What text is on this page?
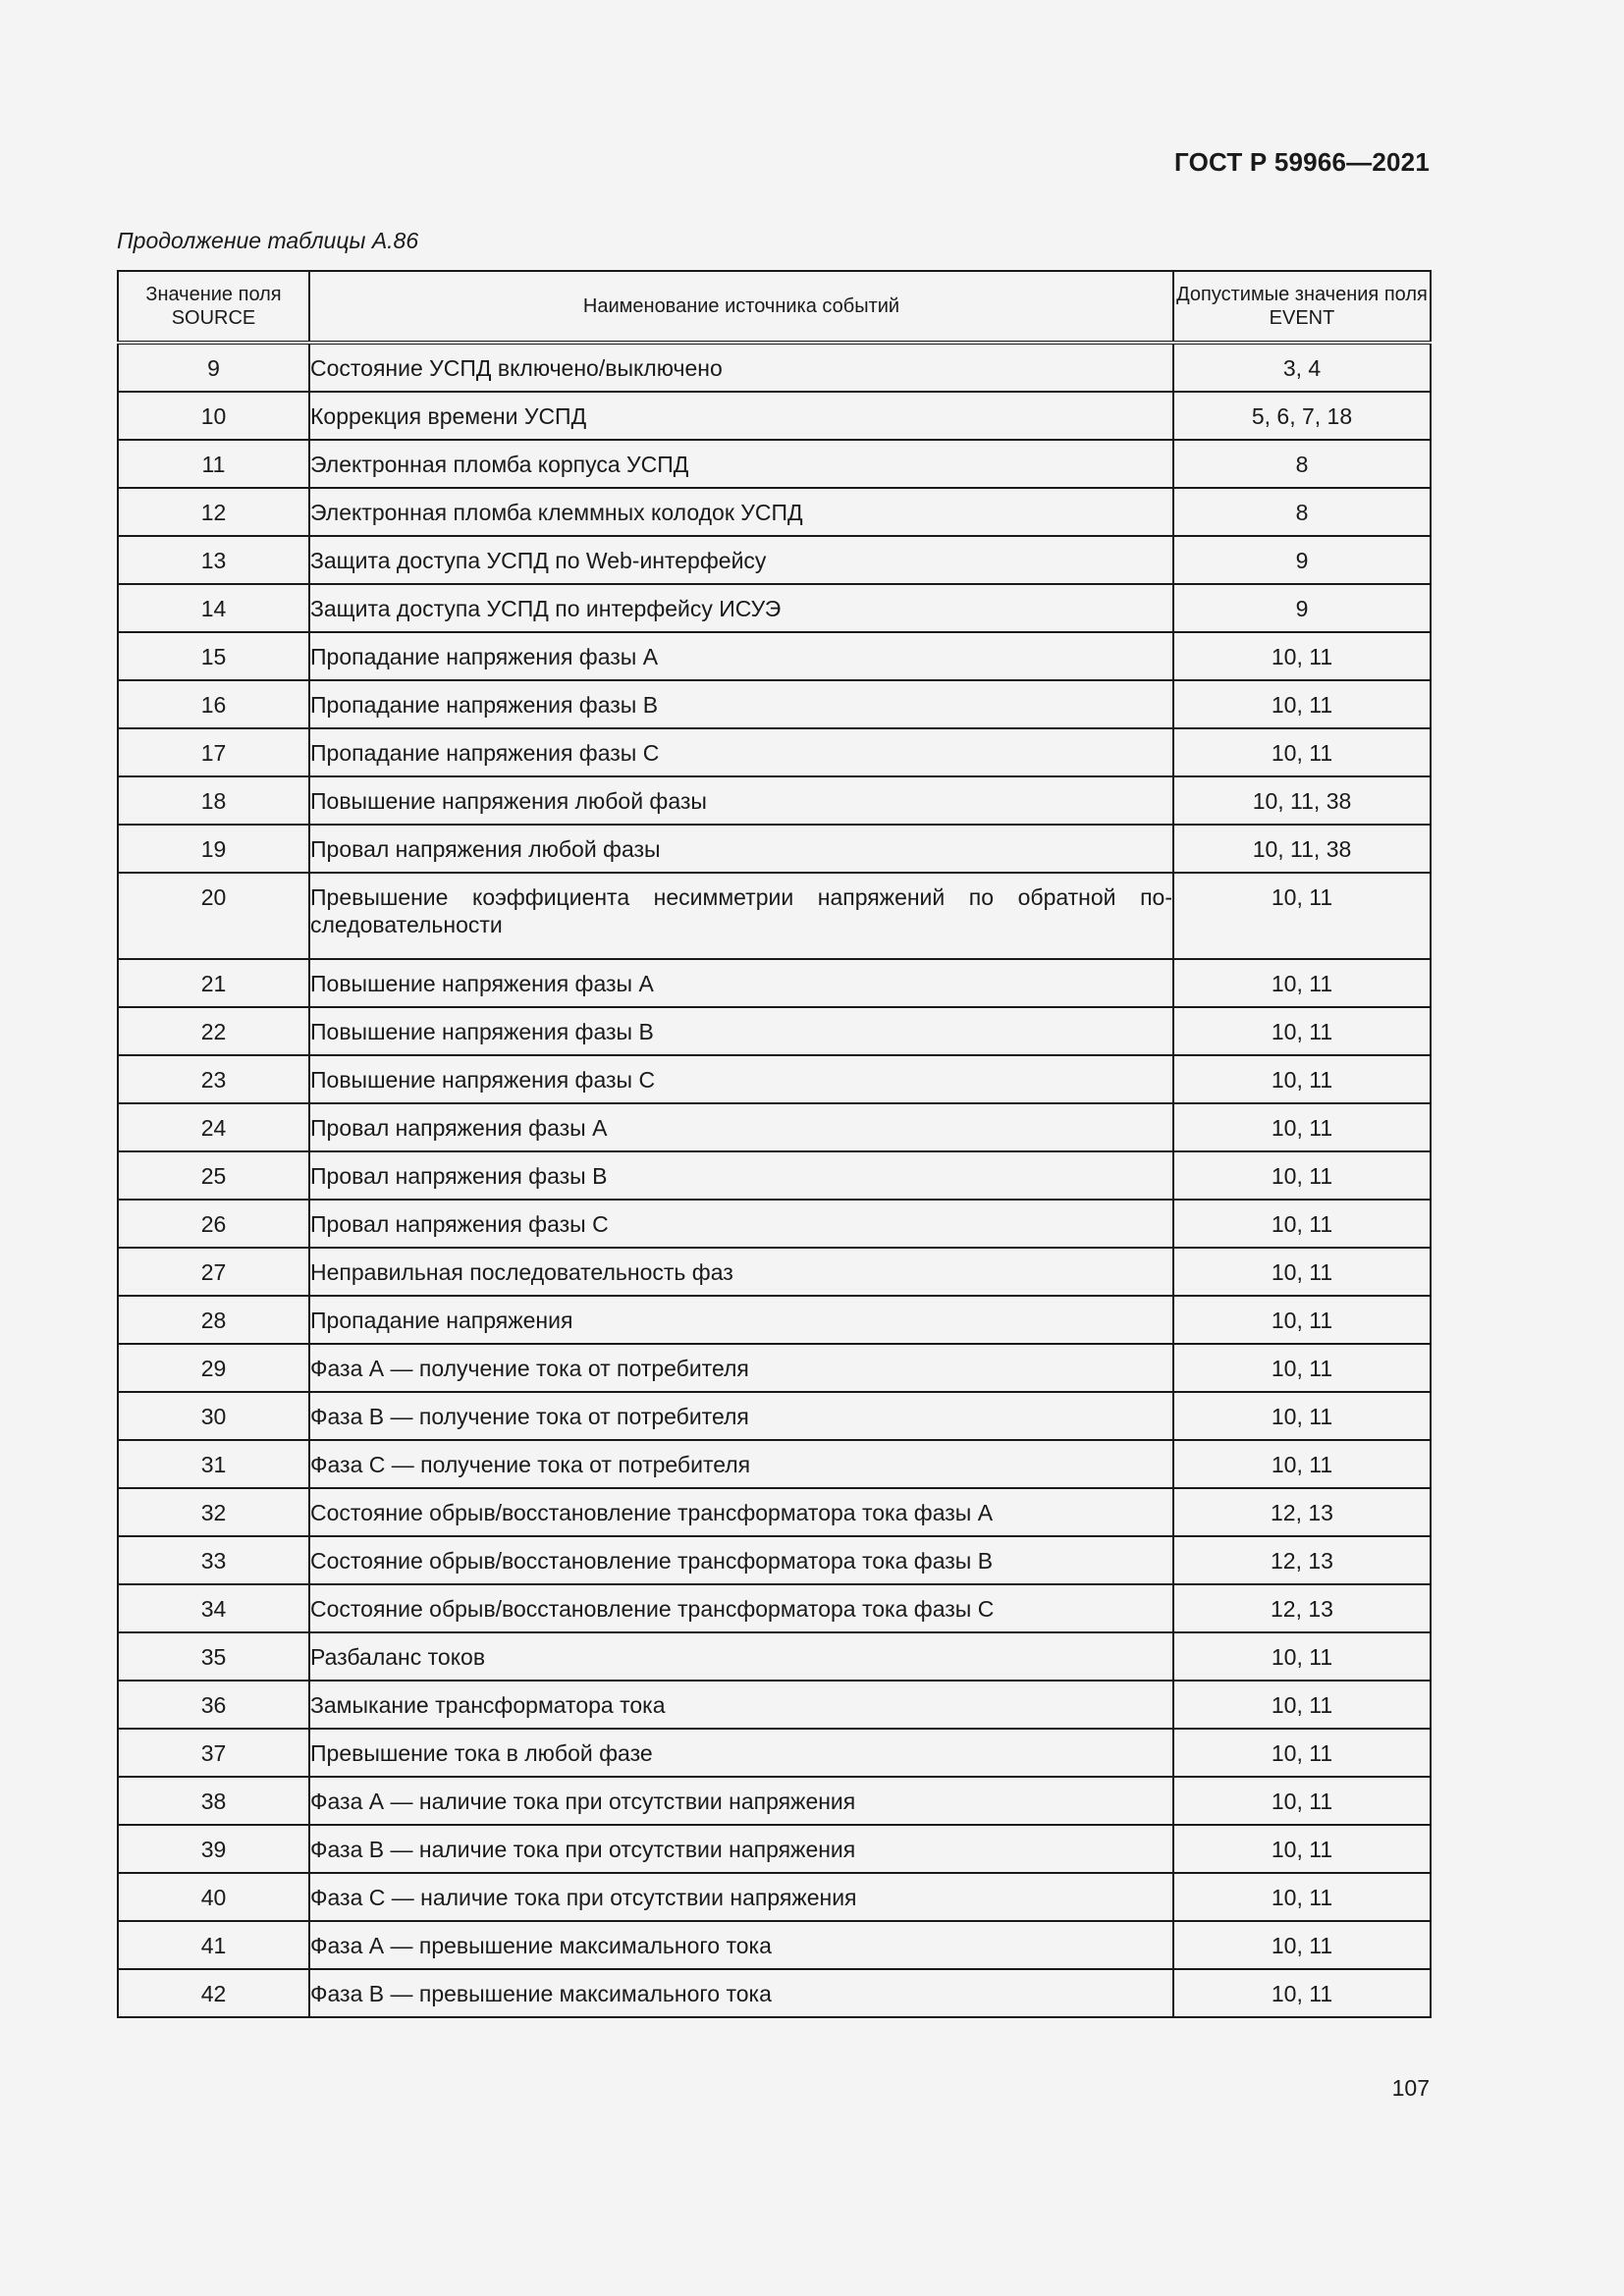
ГОСТ Р 59966—2021
Продолжение таблицы А.86
Значение поля SOURCE	Наименование источника событий	Допустимые значения поля EVENT
9	Состояние УСПД включено/выключено	3, 4
10	Коррекция времени УСПД	5, 6, 7, 18
11	Электронная пломба корпуса УСПД	8
12	Электронная пломба клеммных колодок УСПД	8
13	Защита доступа УСПД по Web-интерфейсу	9
14	Защита доступа УСПД по интерфейсу ИСУЭ	9
15	Пропадание напряжения фазы А	10, 11
16	Пропадание напряжения фазы В	10, 11
17	Пропадание напряжения фазы С	10, 11
18	Повышение напряжения любой фазы	10, 11, 38
19	Провал напряжения любой фазы	10, 11, 38
20	Превышение коэффициента несимметрии напряжений по обратной последовательности	10, 11
21	Повышение напряжения фазы А	10, 11
22	Повышение напряжения фазы В	10, 11
23	Повышение напряжения фазы С	10, 11
24	Провал напряжения фазы А	10, 11
25	Провал напряжения фазы В	10, 11
26	Провал напряжения фазы С	10, 11
27	Неправильная последовательность фаз	10, 11
28	Пропадание напряжения	10, 11
29	Фаза А — получение тока от потребителя	10, 11
30	Фаза В — получение тока от потребителя	10, 11
31	Фаза С — получение тока от потребителя	10, 11
32	Состояние обрыв/восстановление трансформатора тока фазы А	12, 13
33	Состояние обрыв/восстановление трансформатора тока фазы В	12, 13
34	Состояние обрыв/восстановление трансформатора тока фазы С	12, 13
35	Разбаланс токов	10, 11
36	Замыкание трансформатора тока	10, 11
37	Превышение тока в любой фазе	10, 11
38	Фаза А — наличие тока при отсутствии напряжения	10, 11
39	Фаза В — наличие тока при отсутствии напряжения	10, 11
40	Фаза С — наличие тока при отсутствии напряжения	10, 11
41	Фаза А — превышение максимального тока	10, 11
42	Фаза В — превышение максимального тока	10, 11
107
